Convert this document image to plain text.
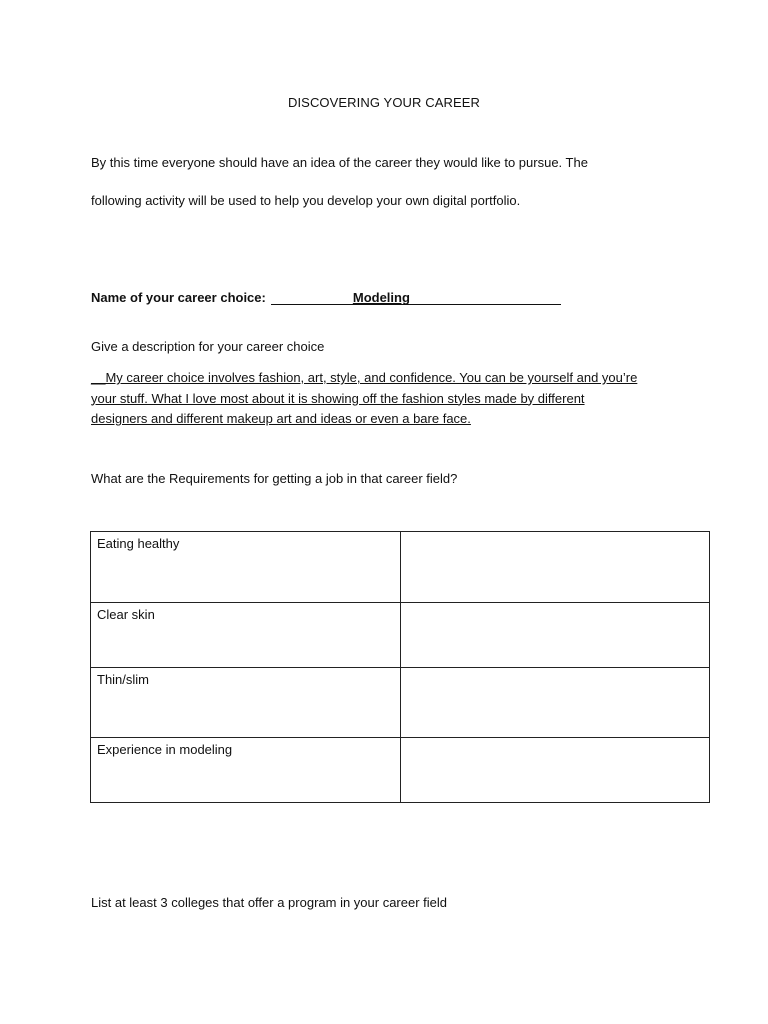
DISCOVERING YOUR CAREER
By this time everyone should have an idea of the career they would like to pursue. The
following activity will be used to help you develop your own digital portfolio.
Name of your career choice:	Modeling
Give a description for your career choice
__My career choice involves fashion, art, style, and confidence. You can be yourself and you’re
your stuff. What I love most about it is showing off the fashion styles made by different
designers and different makeup art and ideas or even a bare face.
What are the Requirements for getting a job in that career field?
Eating healthy	
Clear skin	
Thin/slim	
Experience in modeling	
List at least 3 colleges that offer a program in your career field
